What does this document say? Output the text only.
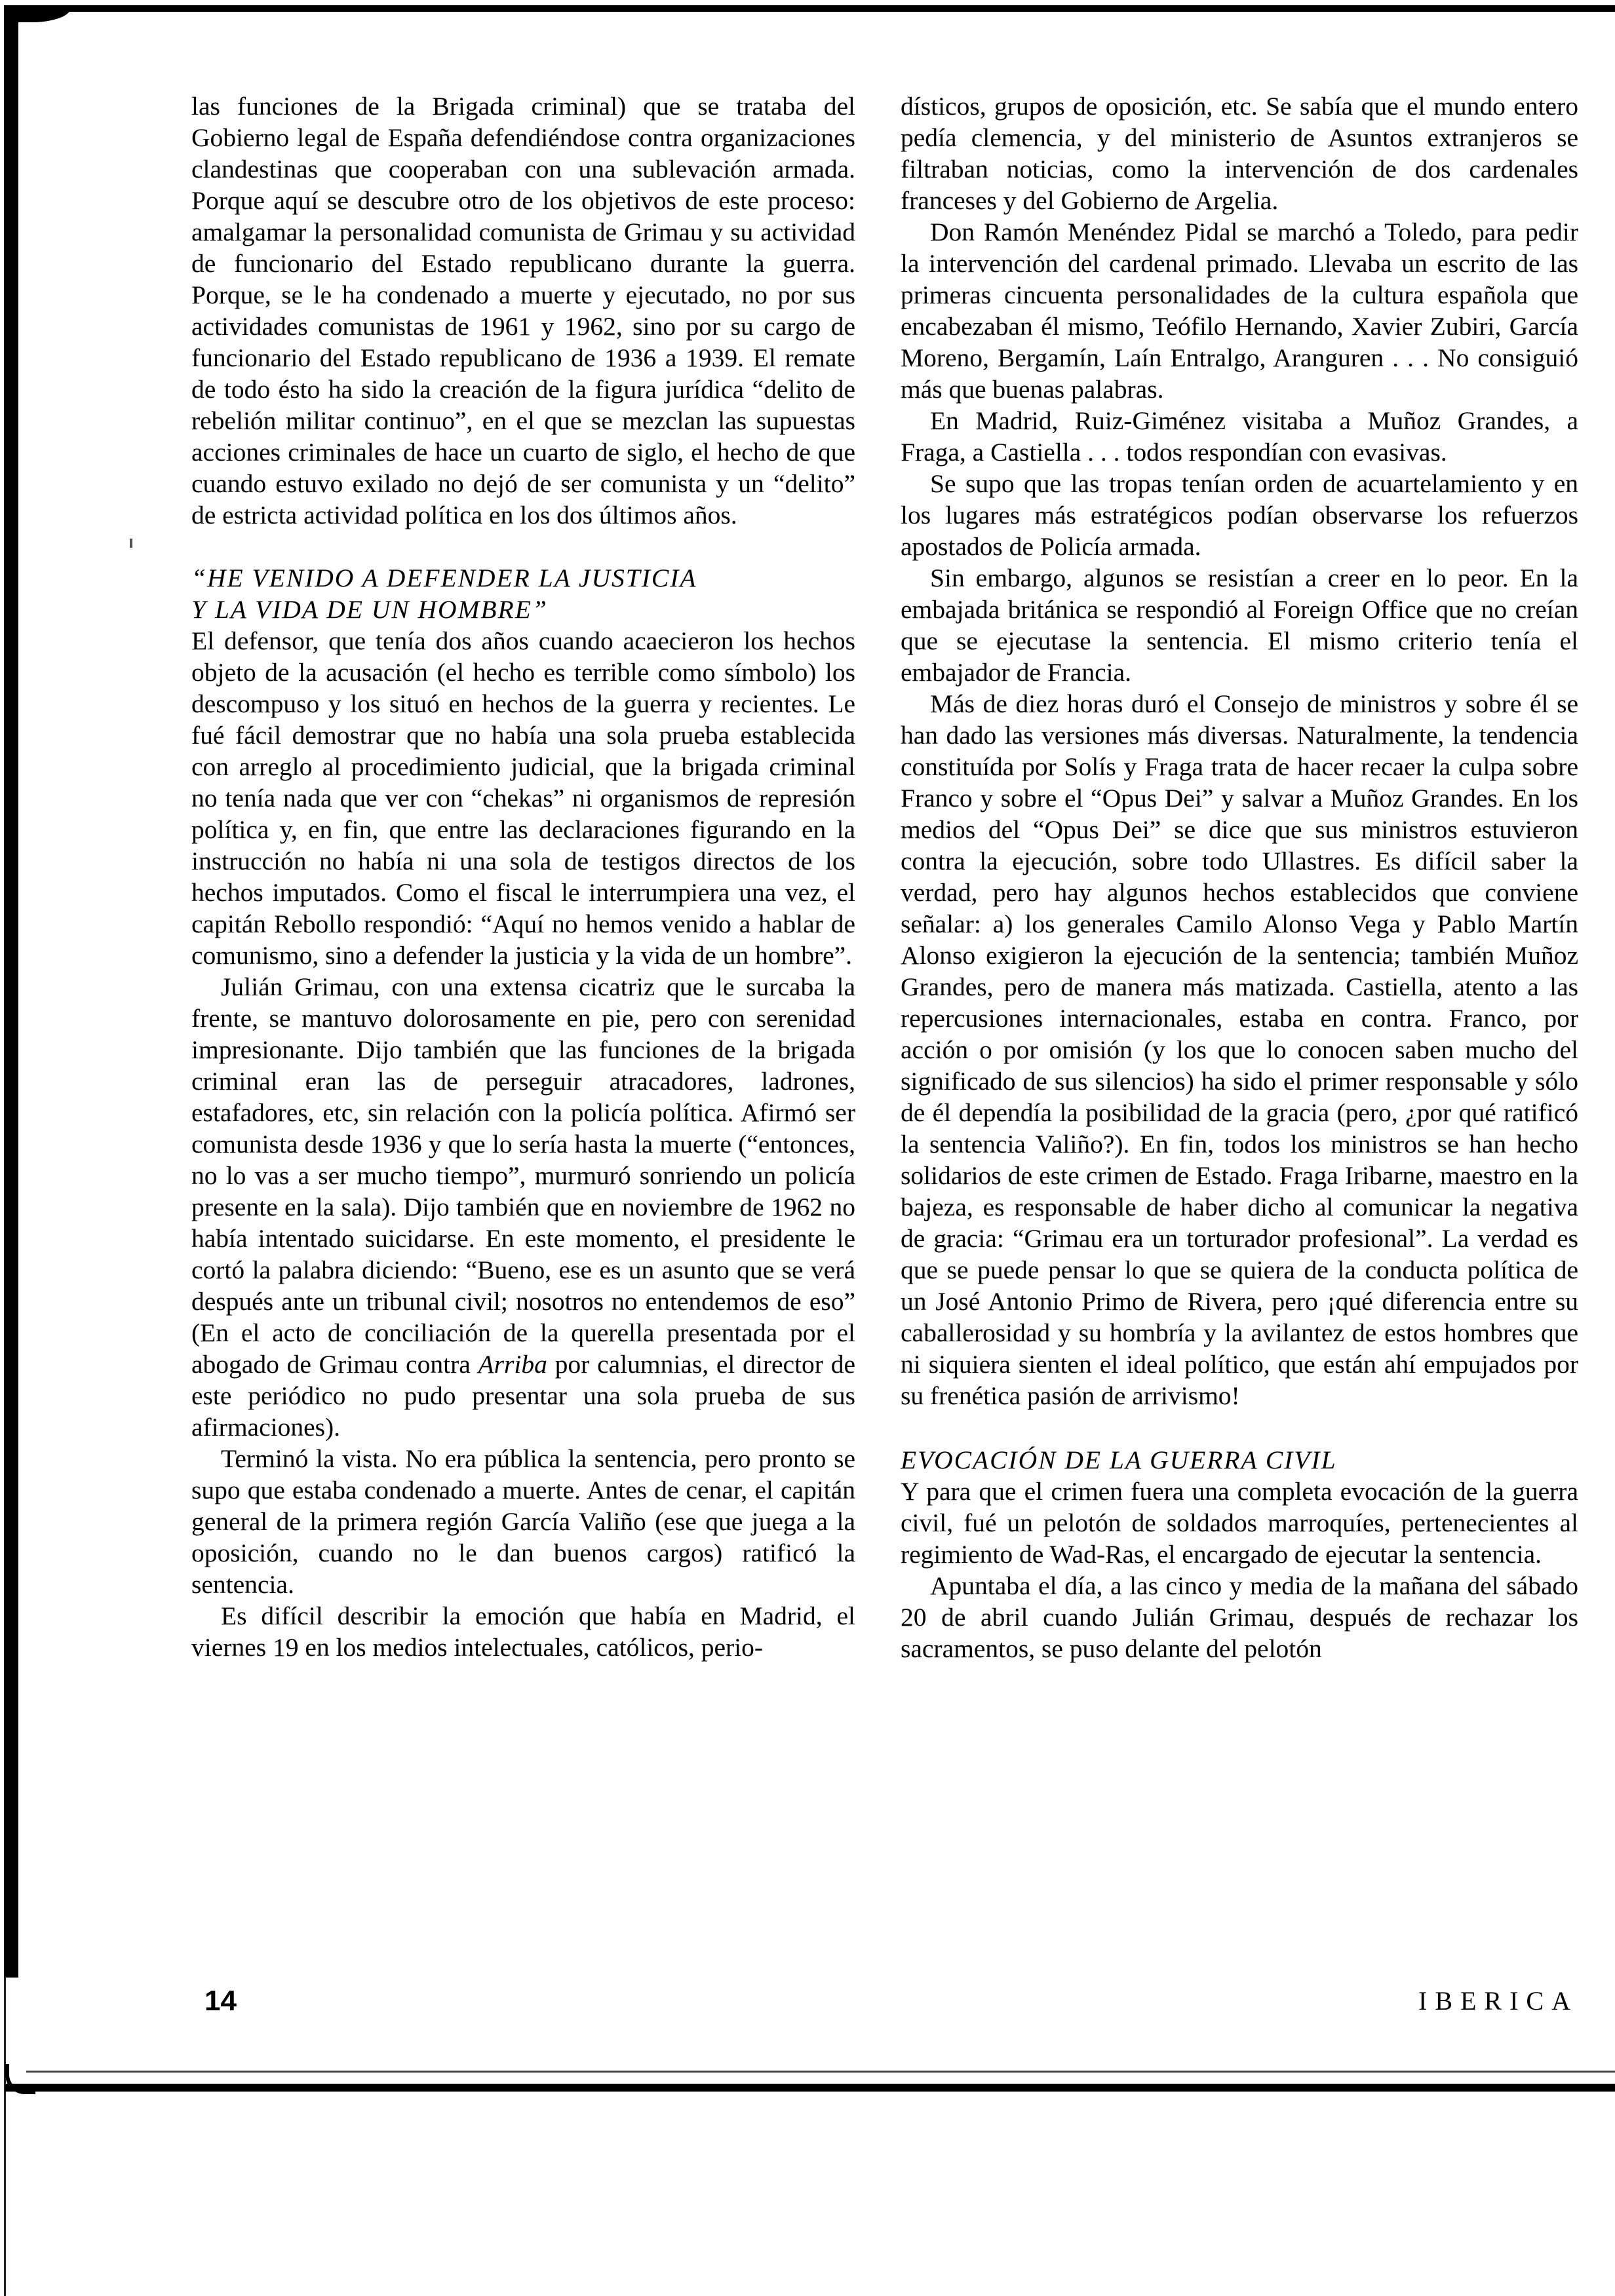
las funciones de la Brigada criminal) que se trataba del Gobierno legal de España defendiéndose contra organizaciones clandestinas que cooperaban con una sublevación armada. Porque aquí se descubre otro de los objetivos de este proceso: amalgamar la personalidad comunista de Grimau y su actividad de funcionario del Estado republicano durante la guerra. Porque, se le ha condenado a muerte y ejecutado, no por sus actividades comunistas de 1961 y 1962, sino por su cargo de funcionario del Estado republicano de 1936 a 1939. El remate de todo ésto ha sido la creación de la figura jurídica “delito de rebelión militar continuo”, en el que se mezclan las supuestas acciones criminales de hace un cuarto de siglo, el hecho de que cuando estuvo exilado no dejó de ser comunista y un “delito” de estricta actividad política en los dos últimos años.

“HE VENIDO A DEFENDER LA JUSTICIA
Y LA VIDA DE UN HOMBRE”

El defensor, que tenía dos años cuando acaecieron los hechos objeto de la acusación (el hecho es terrible como símbolo) los descompuso y los situó en hechos de la guerra y recientes. Le fué fácil demostrar que no había una sola prueba establecida con arreglo al procedimiento judicial, que la brigada criminal no tenía nada que ver con “chekas” ni organismos de represión política y, en fin, que entre las declaraciones figurando en la instrucción no había ni una sola de testigos directos de los hechos imputados. Como el fiscal le interrumpiera una vez, el capitán Rebollo respondió: “Aquí no hemos venido a hablar de comunismo, sino a defender la justicia y la vida de un hombre”.

Julián Grimau, con una extensa cicatriz que le surcaba la frente, se mantuvo dolorosamente en pie, pero con serenidad impresionante. Dijo también que las funciones de la brigada criminal eran las de perseguir atracadores, ladrones, estafadores, etc, sin relación con la policía política. Afirmó ser comunista desde 1936 y que lo sería hasta la muerte (“entonces, no lo vas a ser mucho tiempo”, murmuró sonriendo un policía presente en la sala). Dijo también que en noviembre de 1962 no había intentado suicidarse. En este momento, el presidente le cortó la palabra diciendo: “Bueno, ese es un asunto que se verá después ante un tribunal civil; nosotros no entendemos de eso” (En el acto de conciliación de la querella presentada por el abogado de Grimau contra Arriba por calumnias, el director de este periódico no pudo presentar una sola prueba de sus afirmaciones).

Terminó la vista. No era pública la sentencia, pero pronto se supo que estaba condenado a muerte. Antes de cenar, el capitán general de la primera región García Valiño (ese que juega a la oposición, cuando no le dan buenos cargos) ratificó la sentencia.

Es difícil describir la emoción que había en Madrid, el viernes 19 en los medios intelectuales, católicos, perio-

dísticos, grupos de oposición, etc. Se sabía que el mundo entero pedía clemencia, y del ministerio de Asuntos extranjeros se filtraban noticias, como la intervención de dos cardenales franceses y del Gobierno de Argelia.

Don Ramón Menéndez Pidal se marchó a Toledo, para pedir la intervención del cardenal primado. Llevaba un escrito de las primeras cincuenta personalidades de la cultura española que encabezaban él mismo, Teófilo Hernando, Xavier Zubiri, García Moreno, Bergamín, Laín Entralgo, Aranguren . . . No consiguió más que buenas palabras.

En Madrid, Ruiz-Giménez visitaba a Muñoz Grandes, a Fraga, a Castiella . . . todos respondían con evasivas.

Se supo que las tropas tenían orden de acuartelamiento y en los lugares más estratégicos podían observarse los refuerzos apostados de Policía armada.

Sin embargo, algunos se resistían a creer en lo peor. En la embajada británica se respondió al Foreign Office que no creían que se ejecutase la sentencia. El mismo criterio tenía el embajador de Francia.

Más de diez horas duró el Consejo de ministros y sobre él se han dado las versiones más diversas. Naturalmente, la tendencia constituída por Solís y Fraga trata de hacer recaer la culpa sobre Franco y sobre el “Opus Dei” y salvar a Muñoz Grandes. En los medios del “Opus Dei” se dice que sus ministros estuvieron contra la ejecución, sobre todo Ullastres. Es difícil saber la verdad, pero hay algunos hechos establecidos que conviene señalar: a) los generales Camilo Alonso Vega y Pablo Martín Alonso exigieron la ejecución de la sentencia; también Muñoz Grandes, pero de manera más matizada. Castiella, atento a las repercusiones internacionales, estaba en contra. Franco, por acción o por omisión (y los que lo conocen saben mucho del significado de sus silencios) ha sido el primer responsable y sólo de él dependía la posibilidad de la gracia (pero, ¿por qué ratificó la sentencia Valiño?). En fin, todos los ministros se han hecho solidarios de este crimen de Estado. Fraga Iribarne, maestro en la bajeza, es responsable de haber dicho al comunicar la negativa de gracia: “Grimau era un torturador profesional”. La verdad es que se puede pensar lo que se quiera de la conducta política de un José Antonio Primo de Rivera, pero ¡qué diferencia entre su caballerosidad y su hombría y la avilantez de estos hombres que ni siquiera sienten el ideal político, que están ahí empujados por su frenética pasión de arrivismo!

EVOCACIÓN DE LA GUERRA CIVIL

Y para que el crimen fuera una completa evocación de la guerra civil, fué un pelotón de soldados marroquíes, pertenecientes al regimiento de Wad-Ras, el encargado de ejecutar la sentencia.

Apuntaba el día, a las cinco y media de la mañana del sábado 20 de abril cuando Julián Grimau, después de rechazar los sacramentos, se puso delante del pelotón

14	IBERICA
